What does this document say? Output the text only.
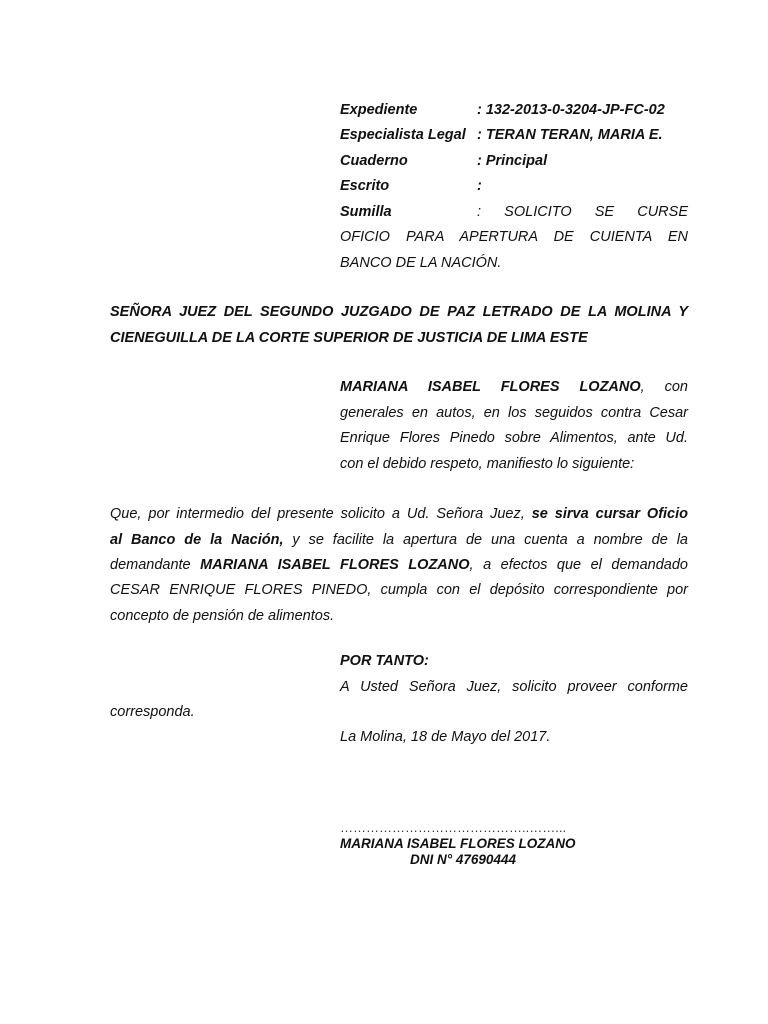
Expediente	: 132-2013-0-3204-JP-FC-02
Especialista Legal : TERAN TERAN, MARIA E.
Cuaderno	: Principal
Escrito	:
Sumilla	: SOLICITO SE CURSE
OFICIO PARA APERTURA DE CUIENTA EN
BANCO DE LA NACIÓN.
SEÑORA JUEZ DEL SEGUNDO JUZGADO DE PAZ LETRADO DE LA MOLINA Y
CIENEGUILLA DE LA CORTE SUPERIOR DE JUSTICIA DE LIMA ESTE
MARIANA ISABEL FLORES LOZANO, con
generales en autos, en los seguidos contra Cesar
Enrique Flores Pinedo sobre Alimentos, ante Ud.
con el debido respeto, manifiesto lo siguiente:
Que, por intermedio del presente solicito a Ud. Señora Juez, se sirva cursar Oficio
al Banco de la Nación, y se facilite la apertura de una cuenta a nombre de la
demandante MARIANA ISABEL FLORES LOZANO, a efectos que el demandado
CESAR ENRIQUE FLORES PINEDO, cumpla con el depósito correspondiente por
concepto de pensión de alimentos.
POR TANTO:
A Usted Señora Juez, solicito proveer conforme
corresponda.
La Molina, 18 de Mayo del 2017.
……………………………………..……...
MARIANA ISABEL FLORES LOZANO
DNI N° 47690444
